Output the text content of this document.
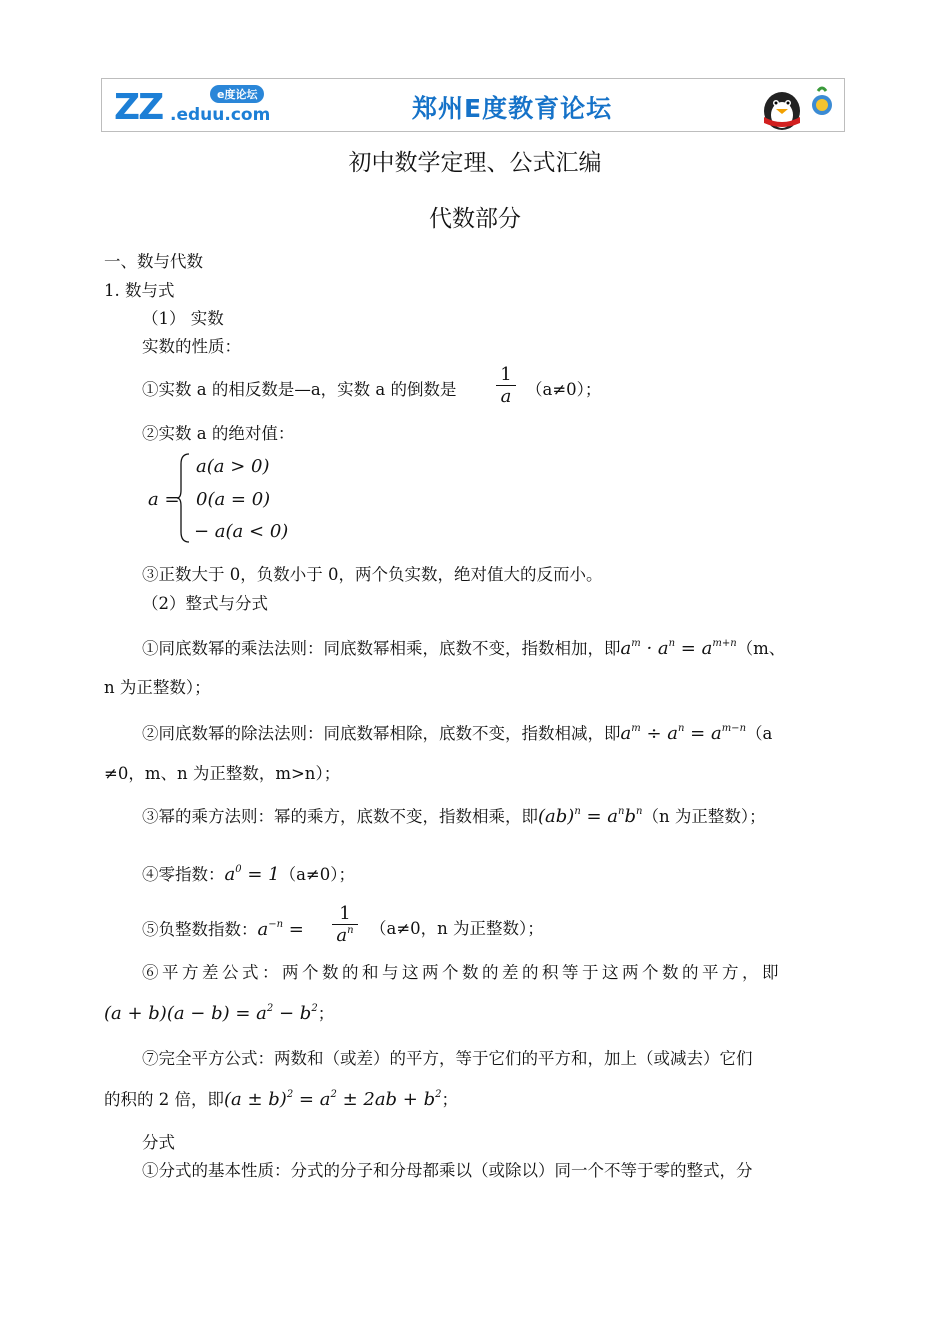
ZZ .eduu.com
e度论坛	郑州E度教育论坛
初中数学定理、公式汇编
代数部分
一、数与代数
1. 数与式
（1） 实数
实数的性质：
①实数 a 的相反数是—a，实数 a 的倒数是 $\frac{1}{a} (a\ne 0)$；
②实数 a 的绝对值：
a =
a(a > 0)
0(a = 0)
− a(a < 0)
③正数大于 0，负数小于 0，两个负实数，绝对值大的反而小。
（2）整式与分式
①同底数幂的乘法法则：同底数幂相乘，底数不变，指数相加，即$a^m \cdot a^n = a^{m+n}(m$、
n 为正整数）；
②同底数幂的除法法则：同底数幂相除，底数不变，指数相减，即$a^m \div a^n = a^{m-n}(a$
≠0，m、n 为正整数，m>n）；
③幂的乘方法则：幂的乘方，底数不变，指数相乘，即$(ab)^n = a^nb^n(n$ 为正整数）；
④零指数：$a^0 = 1(a\ne 0)$；
⑤负整数指数：$a^{-n} = \frac{1}{a^n} (a\ne 0$，n 为正整数）；
⑥平方差公式：两个数的和与这两个数的差的积等于这两个数的平方，即
$(a + b)(a - b) = a^2 - b^2$；
⑦完全平方公式：两数和（或差）的平方，等于它们的平方和，加上（或减去）它们
的积的 2 倍，即$(a \pm b)^2 = a^2 \pm 2ab + b^2$；
分式
①分式的基本性质：分式的分子和分母都乘以（或除以）同一个不等于零的整式，分
